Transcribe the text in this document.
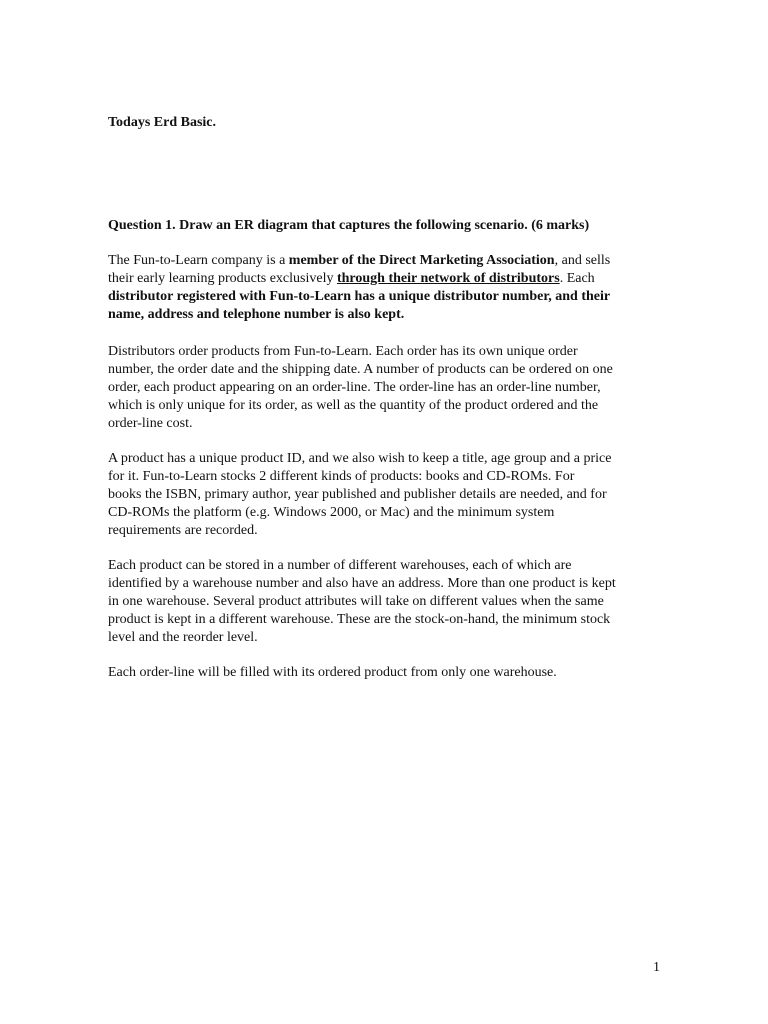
Todays Erd Basic.

Question 1. Draw an ER diagram that captures the following scenario. (6 marks)

The Fun-to-Learn company is a member of the Direct Marketing Association, and sells
their early learning products exclusively through their network of distributors. Each
distributor registered with Fun-to-Learn has a unique distributor number, and their
name, address and telephone number is also kept.
Distributors order products from Fun-to-Learn. Each order has its own unique order
number, the order date and the shipping date. A number of products can be ordered on one
order, each product appearing on an order-line. The order-line has an order-line number,
which is only unique for its order, as well as the quantity of the product ordered and the
order-line cost.
A product has a unique product ID, and we also wish to keep a title, age group and a price
for it. Fun-to-Learn stocks 2 different kinds of products: books and CD-ROMs. For
books the ISBN, primary author, year published and publisher details are needed, and for
CD-ROMs the platform (e.g. Windows 2000, or Mac) and the minimum system
requirements are recorded.
Each product can be stored in a number of different warehouses, each of which are
identified by a warehouse number and also have an address. More than one product is kept
in one warehouse. Several product attributes will take on different values when the same
product is kept in a different warehouse. These are the stock-on-hand, the minimum stock
level and the reorder level.
Each order-line will be filled with its ordered product from only one warehouse.

1
